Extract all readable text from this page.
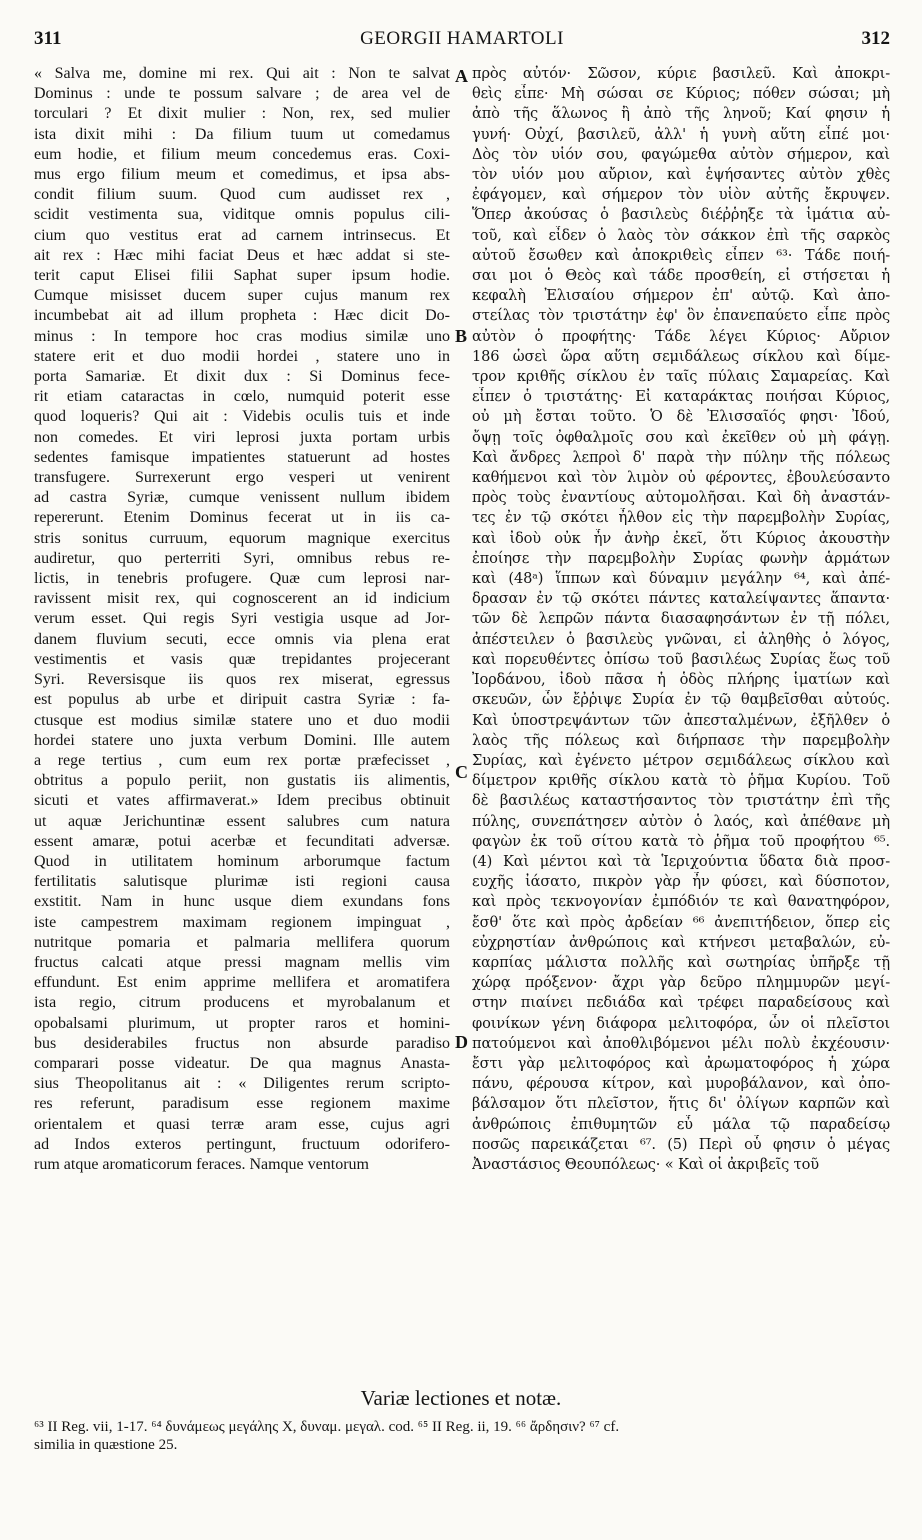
311	GEORGII HAMARTOLI	312
« Salva me, domine mi rex. Qui ait : Non te salvat
Dominus : unde te possum salvare ; de area vel de
torculari ? Et dixit mulier : Non, rex, sed mulier
ista dixit mihi : Da filium tuum ut comedamus
eum hodie, et filium meum concedemus eras. Coxi-
mus ergo filium meum et comedimus, et ipsa abs-
condit filium suum. Quod cum audisset rex ,
scidit vestimenta sua, viditque omnis populus cili-
cium quo vestitus erat ad carnem intrinsecus. Et
ait rex : Hæc mihi faciat Deus et hæc addat si ste-
terit caput Elisei filii Saphat super ipsum hodie.
Cumque misisset ducem super cujus manum rex
incumbebat ait ad illum propheta : Hæc dicit Do-
minus : In tempore hoc cras modius similæ uno
statere erit et duo modii hordei , statere uno in
porta Samariæ. Et dixit dux : Si Dominus fece-
rit etiam cataractas in cœlo, numquid poterit esse
quod loqueris? Qui ait : Videbis oculis tuis et inde
non comedes. Et viri leprosi juxta portam urbis
sedentes famisque impatientes statuerunt ad hostes
transfugere. Surrexerunt ergo vesperi ut venirent
ad castra Syriæ, cumque venissent nullum ibidem
repererunt. Etenim Dominus fecerat ut in iis ca-
stris sonitus curruum, equorum magnique exercitus
audiretur, quo perterriti Syri, omnibus rebus re-
lictis, in tenebris profugere. Quæ cum leprosi nar-
ravissent misit rex, qui cognoscerent an id indicium
verum esset. Qui regis Syri vestigia usque ad Jor-
danem fluvium secuti, ecce omnis via plena erat
vestimentis et vasis quæ trepidantes projecerant
Syri. Reversisque iis quos rex miserat, egressus
est populus ab urbe et diripuit castra Syriæ : fa-
ctusque est modius similæ statere uno et duo modii
hordei statere uno juxta verbum Domini. Ille autem
a rege tertius , cum eum rex portæ præfecisset ,
obtritus a populo periit, non gustatis iis alimentis,
sicuti et vates affirmaverat.» Idem precibus obtinuit
ut aquæ Jerichuntinæ essent salubres cum natura
essent amaræ, potui acerbæ et fecunditati adversæ.
Quod in utilitatem hominum arborumque factum
fertilitatis salutisque plurimæ isti regioni causa
exstitit. Nam in hunc usque diem exundans fons
iste campestrem maximam regionem impinguat ,
nutritque pomaria et palmaria mellifera quorum
fructus calcati atque pressi magnam mellis vim
effundunt. Est enim apprime mellifera et aromatifera
ista regio, citrum producens et myrobalanum et
opobalsami plurimum, ut propter raros et homini-
bus desiderabiles fructus non absurde paradiso
comparari posse videatur. De qua magnus Anasta-
sius Theopolitanus ait : « Diligentes rerum scripto-
res referunt, paradisum esse regionem maxime
orientalem et quasi terræ aram esse, cujus agri
ad Indos exteros pertingunt, fructuum odorifero-
rum atque aromaticorum feraces. Namque ventorum
πρὸς αὐτόν· Σῶσον, κύριε βασιλεῦ. Καὶ ἀποκρι-
θεὶς εἶπε· Μὴ σώσαι σε Κύριος; πόθεν σώσαι; μὴ
ἀπὸ τῆς ἅλωνος ἢ ἀπὸ τῆς ληνοῦ; Καί φησιν ἡ
γυνή· Οὐχί, βασιλεῦ, ἀλλ' ἡ γυνὴ αὕτη εἶπέ μοι·
Δὸς τὸν υἱόν σου, φαγώμεθα αὐτὸν σήμερον, καὶ
τὸν υἱόν μου αὔριον, καὶ ἑψήσαντες αὐτὸν χθὲς
ἐφάγομεν, καὶ σήμερον τὸν υἱὸν αὐτῆς ἔκρυψεν.
Ὅπερ ἀκούσας ὁ βασιλεὺς διέῤῥηξε τὰ ἱμάτια αὐ-
τοῦ, καὶ εἶδεν ὁ λαὸς τὸν σάκκον ἐπὶ τῆς σαρκὸς
αὐτοῦ ἔσωθεν καὶ ἀποκριθεὶς εἶπεν ⁶³· Τάδε ποιή-
σαι μοι ὁ Θεὸς καὶ τάδε προσθείη, εἰ στήσεται ἡ
κεφαλὴ Ἐλισαίου σήμερον ἐπ' αὐτῷ. Καὶ ἀπο-
στείλας τὸν τριστάτην ἐφ' ὃν ἐπανεπαύετο εἶπε πρὸς
αὐτὸν ὁ προφήτης· Τάδε λέγει Κύριος· Αὔριον
186 ὡσεὶ ὥρα αὕτη σεμιδάλεως σίκλου καὶ δίμε-
τρον κριθῆς σίκλου ἐν ταῖς πύλαις Σαμαρείας. Καὶ
εἶπεν ὁ τριστάτης· Εἰ καταράκτας ποιήσαι Κύριος,
οὐ μὴ ἔσται τοῦτο. Ὁ δὲ Ἐλισσαῖός φησι· Ἰδού,
ὄψῃ τοῖς ὀφθαλμοῖς σου καὶ ἐκεῖθεν οὐ μὴ φάγῃ.
Καὶ ἄνδρες λεπροὶ δ' παρὰ τὴν πύλην τῆς πόλεως
καθήμενοι καὶ τὸν λιμὸν οὐ φέροντες, ἐβουλεύσαντο
πρὸς τοὺς ἐναντίους αὐτομολῆσαι. Καὶ δὴ ἀναστάν-
τες ἐν τῷ σκότει ἦλθον εἰς τὴν παρεμβολὴν Συρίας,
καὶ ἰδοὺ οὐκ ἦν ἀνὴρ ἐκεῖ, ὅτι Κύριος ἀκουστὴν
ἐποίησε τὴν παρεμβολὴν Συρίας φωνὴν ἁρμάτων
καὶ (48ᵃ) ἵππων καὶ δύναμιν μεγάλην ⁶⁴, καὶ ἀπέ-
δρασαν ἐν τῷ σκότει πάντες καταλείψαντες ἅπαντα·
τῶν δὲ λεπρῶν πάντα διασαφησάντων ἐν τῇ πόλει,
ἀπέστειλεν ὁ βασιλεὺς γνῶναι, εἰ ἀληθὴς ὁ λόγος,
καὶ πορευθέντες ὀπίσω τοῦ βασιλέως Συρίας ἕως τοῦ
Ἰορδάνου, ἰδοὺ πᾶσα ἡ ὁδὸς πλήρης ἱματίων καὶ
σκευῶν, ὧν ἔῤῥιψε Συρία ἐν τῷ θαμβεῖσθαι αὐτούς.
Καὶ ὑποστρεψάντων τῶν ἀπεσταλμένων, ἐξῆλθεν ὁ
λαὸς τῆς πόλεως καὶ διήρπασε τὴν παρεμβολὴν
Συρίας, καὶ ἐγένετο μέτρον σεμιδάλεως σίκλου καὶ
δίμετρον κριθῆς σίκλου κατὰ τὸ ῥῆμα Κυρίου. Τοῦ
δὲ βασιλέως καταστήσαντος τὸν τριστάτην ἐπὶ τῆς
πύλης, συνεπάτησεν αὐτὸν ὁ λαός, καὶ ἀπέθανε μὴ
φαγὼν ἐκ τοῦ σίτου κατὰ τὸ ῥῆμα τοῦ προφήτου ⁶⁵.
(4) Καὶ μέντοι καὶ τὰ Ἱεριχούντια ὕδατα διὰ προσ-
ευχῆς ἰάσατο, πικρὸν γὰρ ἦν φύσει, καὶ δύσποτον,
καὶ πρὸς τεκνογονίαν ἐμπόδιόν τε καὶ θανατηφόρον,
ἔσθ' ὅτε καὶ πρὸς ἀρδείαν ⁶⁶ ἀνεπιτήδειον, ὅπερ εἰς
εὐχρηστίαν ἀνθρώποις καὶ κτήνεσι μεταβαλών, εὐ-
καρπίας μάλιστα πολλῆς καὶ σωτηρίας ὑπῆρξε τῇ
χώρᾳ πρόξενον· ἄχρι γὰρ δεῦρο πλημμυρῶν μεγί-
στην πιαίνει πεδιάδα καὶ τρέφει παραδείσους καὶ
φοινίκων γένη διάφορα μελιτοφόρα, ὧν οἱ πλεῖστοι
πατούμενοι καὶ ἀποθλιβόμενοι μέλι πολὺ ἐκχέουσιν·
ἔστι γὰρ μελιτοφόρος καὶ ἀρωματοφόρος ἡ χώρα
πάνυ, φέρουσα κίτρον, καὶ μυροβάλανον, καὶ ὀπο-
βάλσαμον ὅτι πλεῖστον, ἥτις δι' ὀλίγων καρπῶν καὶ
ἀνθρώποις ἐπιθυμητῶν εὖ μάλα τῷ παραδείσῳ
ποσῶς παρεικάζεται ⁶⁷. (5) Περὶ οὗ φησιν ὁ μέγας
Ἀναστάσιος Θεουπόλεως· « Καὶ οἱ ἀκριβεῖς τοῦ
A
B
C
D
Variæ lectiones et notæ.
⁶³ II Reg. vii, 1-17. ⁶⁴ δυνάμεως μεγάλης X, δυναμ. μεγαλ. cod. ⁶⁵ II Reg. ii, 19. ⁶⁶ ἄρδησιν? ⁶⁷ cf.
similia in quæstione 25.
